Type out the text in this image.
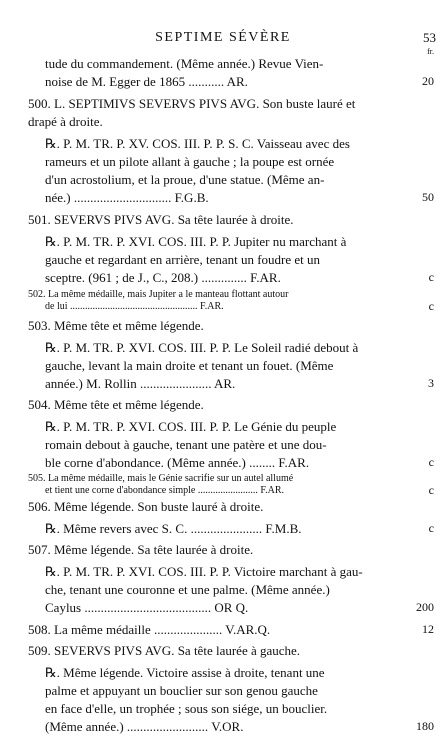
SEPTIME SÉVÈRE	53
fr.
tude du commandement. (Même année.) Revue Vien-
noise de M. Egger de 1865 ........... AR.	20
500. L. SEPTIMIVS SEVERVS PIVS AVG. Son buste lauré et
drapé à droite.
℞. P. M. TR. P. XV. COS. III. P. P. S. C. Vaisseau avec des
rameurs et un pilote allant à gauche ; la poupe est ornée
d'un acrostolium, et la proue, d'une statue. (Même an-
née.) .............................. F.G.B.	50
501. SEVERVS PIVS AVG. Sa tête laurée à droite.
℞. P. M. TR. P. XVI. COS. III. P. P. Jupiter nu marchant à
gauche et regardant en arrière, tenant un foudre et un
sceptre. (961 ; de J., C., 208.) .............. F.AR.	c
502. La même médaille, mais Jupiter a le manteau flottant autour
de lui ................................................... F.AR.	c
503. Même tête et même légende.
℞. P. M. TR. P. XVI. COS. III. P. P. Le Soleil radié debout à
gauche, levant la main droite et tenant un fouet. (Même
année.) M. Rollin ...................... AR.	3
504. Même tête et même légende.
℞. P. M. TR. P. XVI. COS. III. P. P. Le Génie du peuple
romain debout à gauche, tenant une patère et une dou-
ble corne d'abondance. (Même année.) ........ F.AR.	c
505. La même médaille, mais le Génie sacrifie sur un autel allumé
et tient une corne d'abondance simple ........................ F.AR.	c
506. Même légende. Son buste lauré à droite.
℞. Même revers avec S. C. ...................... F.M.B.	c
507. Même légende. Sa tête laurée à droite.
℞. P. M. TR. P. XVI. COS. III. P. P. Victoire marchant à gau-
che, tenant une couronne et une palme. (Même année.)
Caylus ....................................... OR Q.	200
508. La même médaille ..................... V.AR.Q.	12
509. SEVERVS PIVS AVG. Sa tête laurée à gauche.
℞. Même légende. Victoire assise à droite, tenant une
palme et appuyant un bouclier sur son genou gauche
en face d'elle, un trophée ; sous son siége, un bouclier.
(Même année.) ......................... V.OR.	180
